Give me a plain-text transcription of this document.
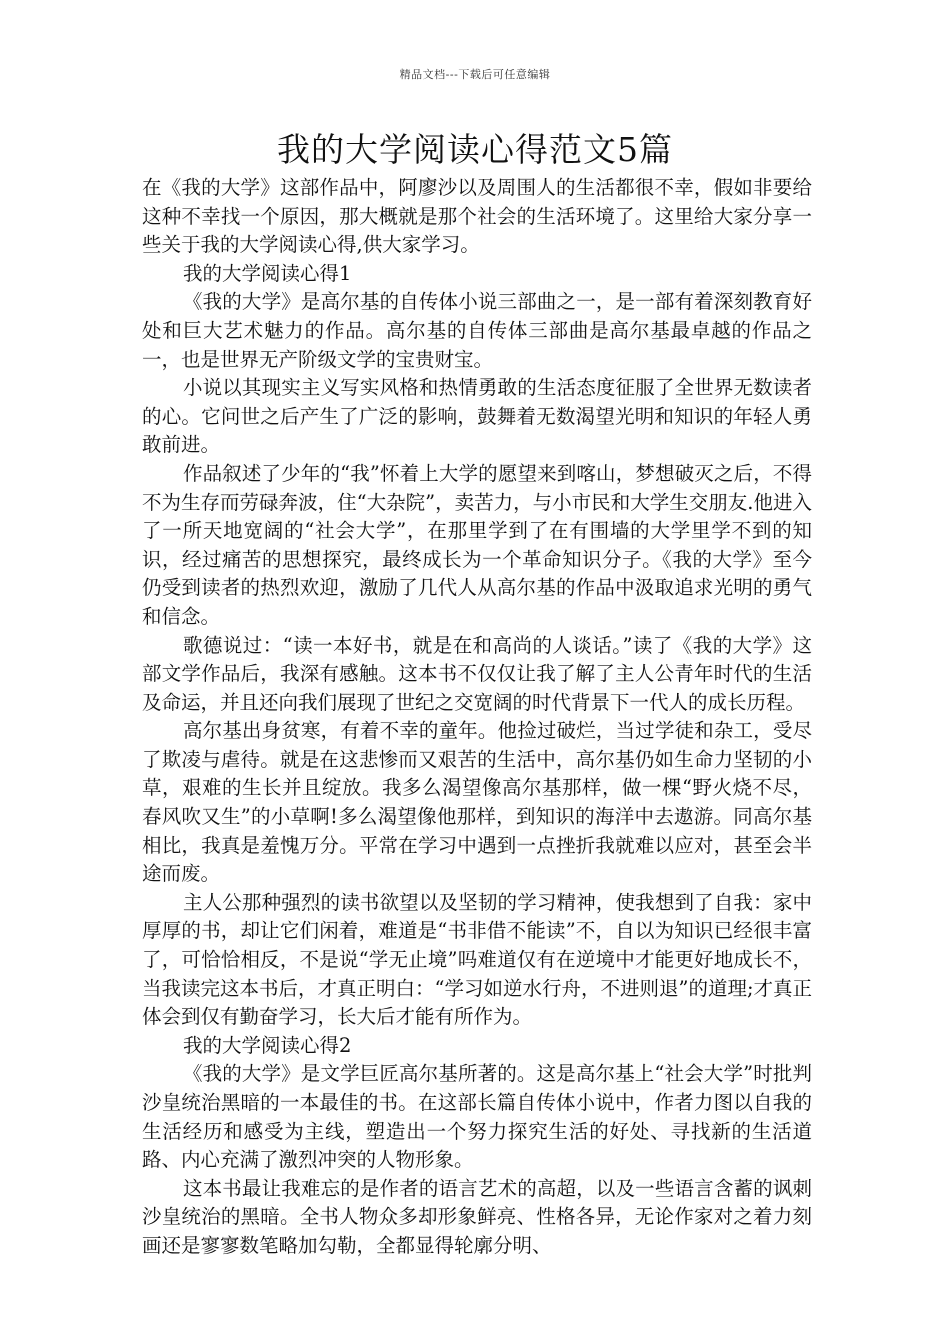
精品文档---下载后可任意编辑
我的大学阅读心得范文5篇

在《我的大学》这部作品中，阿廖沙以及周围人的生活都很不幸，假如非要给这种不幸找一个原因，那大概就是那个社会的生活环境了。这里给大家分享一些关于我的大学阅读心得,供大家学习。

我的大学阅读心得1

《我的大学》是高尔基的自传体小说三部曲之一，是一部有着深刻教育好处和巨大艺术魅力的作品。高尔基的自传体三部曲是高尔基最卓越的作品之一，也是世界无产阶级文学的宝贵财宝。

小说以其现实主义写实风格和热情勇敢的生活态度征服了全世界无数读者的心。它问世之后产生了广泛的影响，鼓舞着无数渴望光明和知识的年轻人勇敢前进。

作品叙述了少年的“我”怀着上大学的愿望来到喀山，梦想破灭之后，不得不为生存而劳碌奔波，住“大杂院”，卖苦力，与小市民和大学生交朋友.他进入了一所天地宽阔的“社会大学”，在那里学到了在有围墙的大学里学不到的知识，经过痛苦的思想探究，最终成长为一个革命知识分子。《我的大学》至今仍受到读者的热烈欢迎，激励了几代人从高尔基的作品中汲取追求光明的勇气和信念。

歌德说过：“读一本好书，就是在和高尚的人谈话。”读了《我的大学》这部文学作品后，我深有感触。这本书不仅仅让我了解了主人公青年时代的生活及命运，并且还向我们展现了世纪之交宽阔的时代背景下一代人的成长历程。

高尔基出身贫寒，有着不幸的童年。他捡过破烂，当过学徒和杂工，受尽了欺凌与虐待。就是在这悲惨而又艰苦的生活中，高尔基仍如生命力坚韧的小草，艰难的生长并且绽放。我多么渴望像高尔基那样，做一棵“野火烧不尽，春风吹又生”的小草啊!多么渴望像他那样，到知识的海洋中去遨游。同高尔基相比，我真是羞愧万分。平常在学习中遇到一点挫折我就难以应对，甚至会半途而废。

主人公那种强烈的读书欲望以及坚韧的学习精神，使我想到了自我：家中厚厚的书，却让它们闲着，难道是“书非借不能读”不，自以为知识已经很丰富了，可恰恰相反，不是说“学无止境”吗难道仅有在逆境中才能更好地成长不，当我读完这本书后，才真正明白：“学习如逆水行舟，不进则退”的道理;才真正体会到仅有勤奋学习，长大后才能有所作为。

我的大学阅读心得2

《我的大学》是文学巨匠高尔基所著的。这是高尔基上“社会大学”时批判沙皇统治黑暗的一本最佳的书。在这部长篇自传体小说中，作者力图以自我的生活经历和感受为主线，塑造出一个努力探究生活的好处、寻找新的生活道路、内心充满了激烈冲突的人物形象。

这本书最让我难忘的是作者的语言艺术的高超，以及一些语言含蓄的讽刺沙皇统治的黑暗。全书人物众多却形象鲜亮、性格各异，无论作家对之着力刻画还是寥寥数笔略加勾勒，全都显得轮廓分明、
